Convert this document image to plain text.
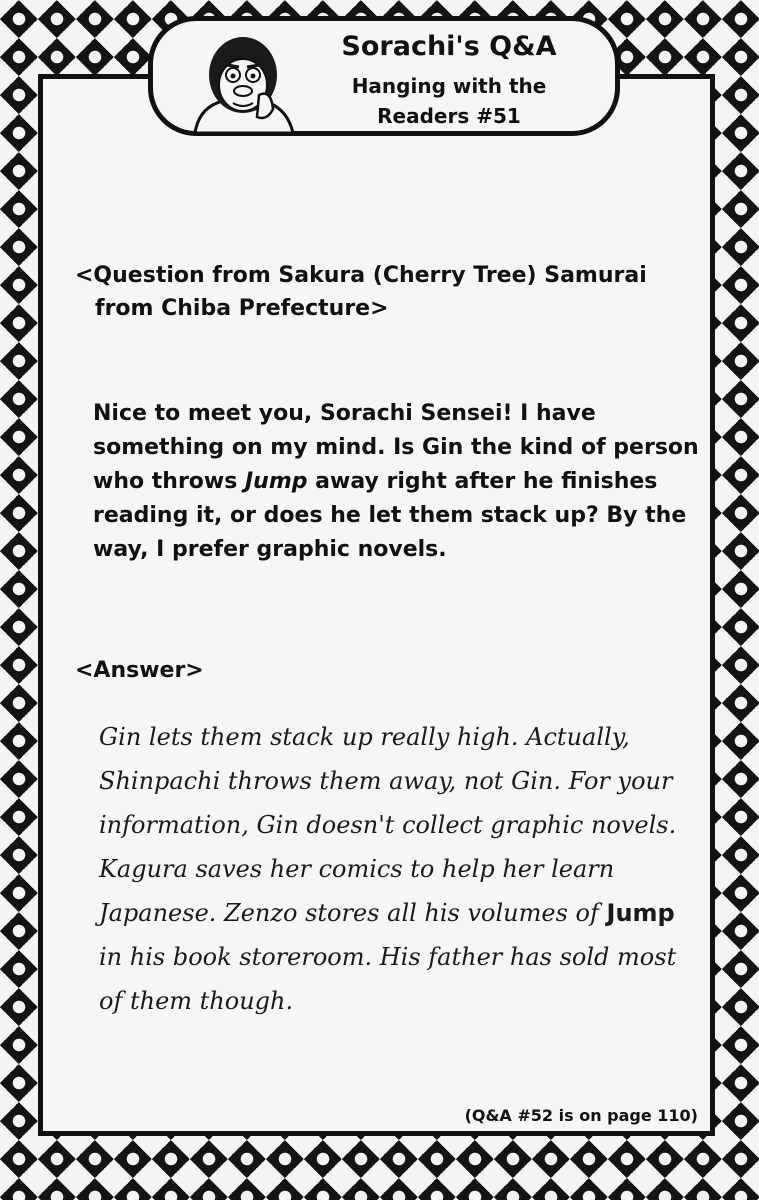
Sorachi's Q&A
Hanging with the
Readers #51
<Question from Sakura (Cherry Tree) Samurai from Chiba Prefecture>
Nice to meet you, Sorachi Sensei! I have something on my mind. Is Gin the kind of person who throws Jump away right after he finishes reading it, or does he let them stack up? By the way, I prefer graphic novels.
<Answer>
Gin lets them stack up really high. Actually, Shinpachi throws them away, not Gin. For your information, Gin doesn't collect graphic novels. Kagura saves her comics to help her learn Japanese. Zenzo stores all his volumes of Jump in his book storeroom. His father has sold most of them though.
(Q&A #52 is on page 110)
